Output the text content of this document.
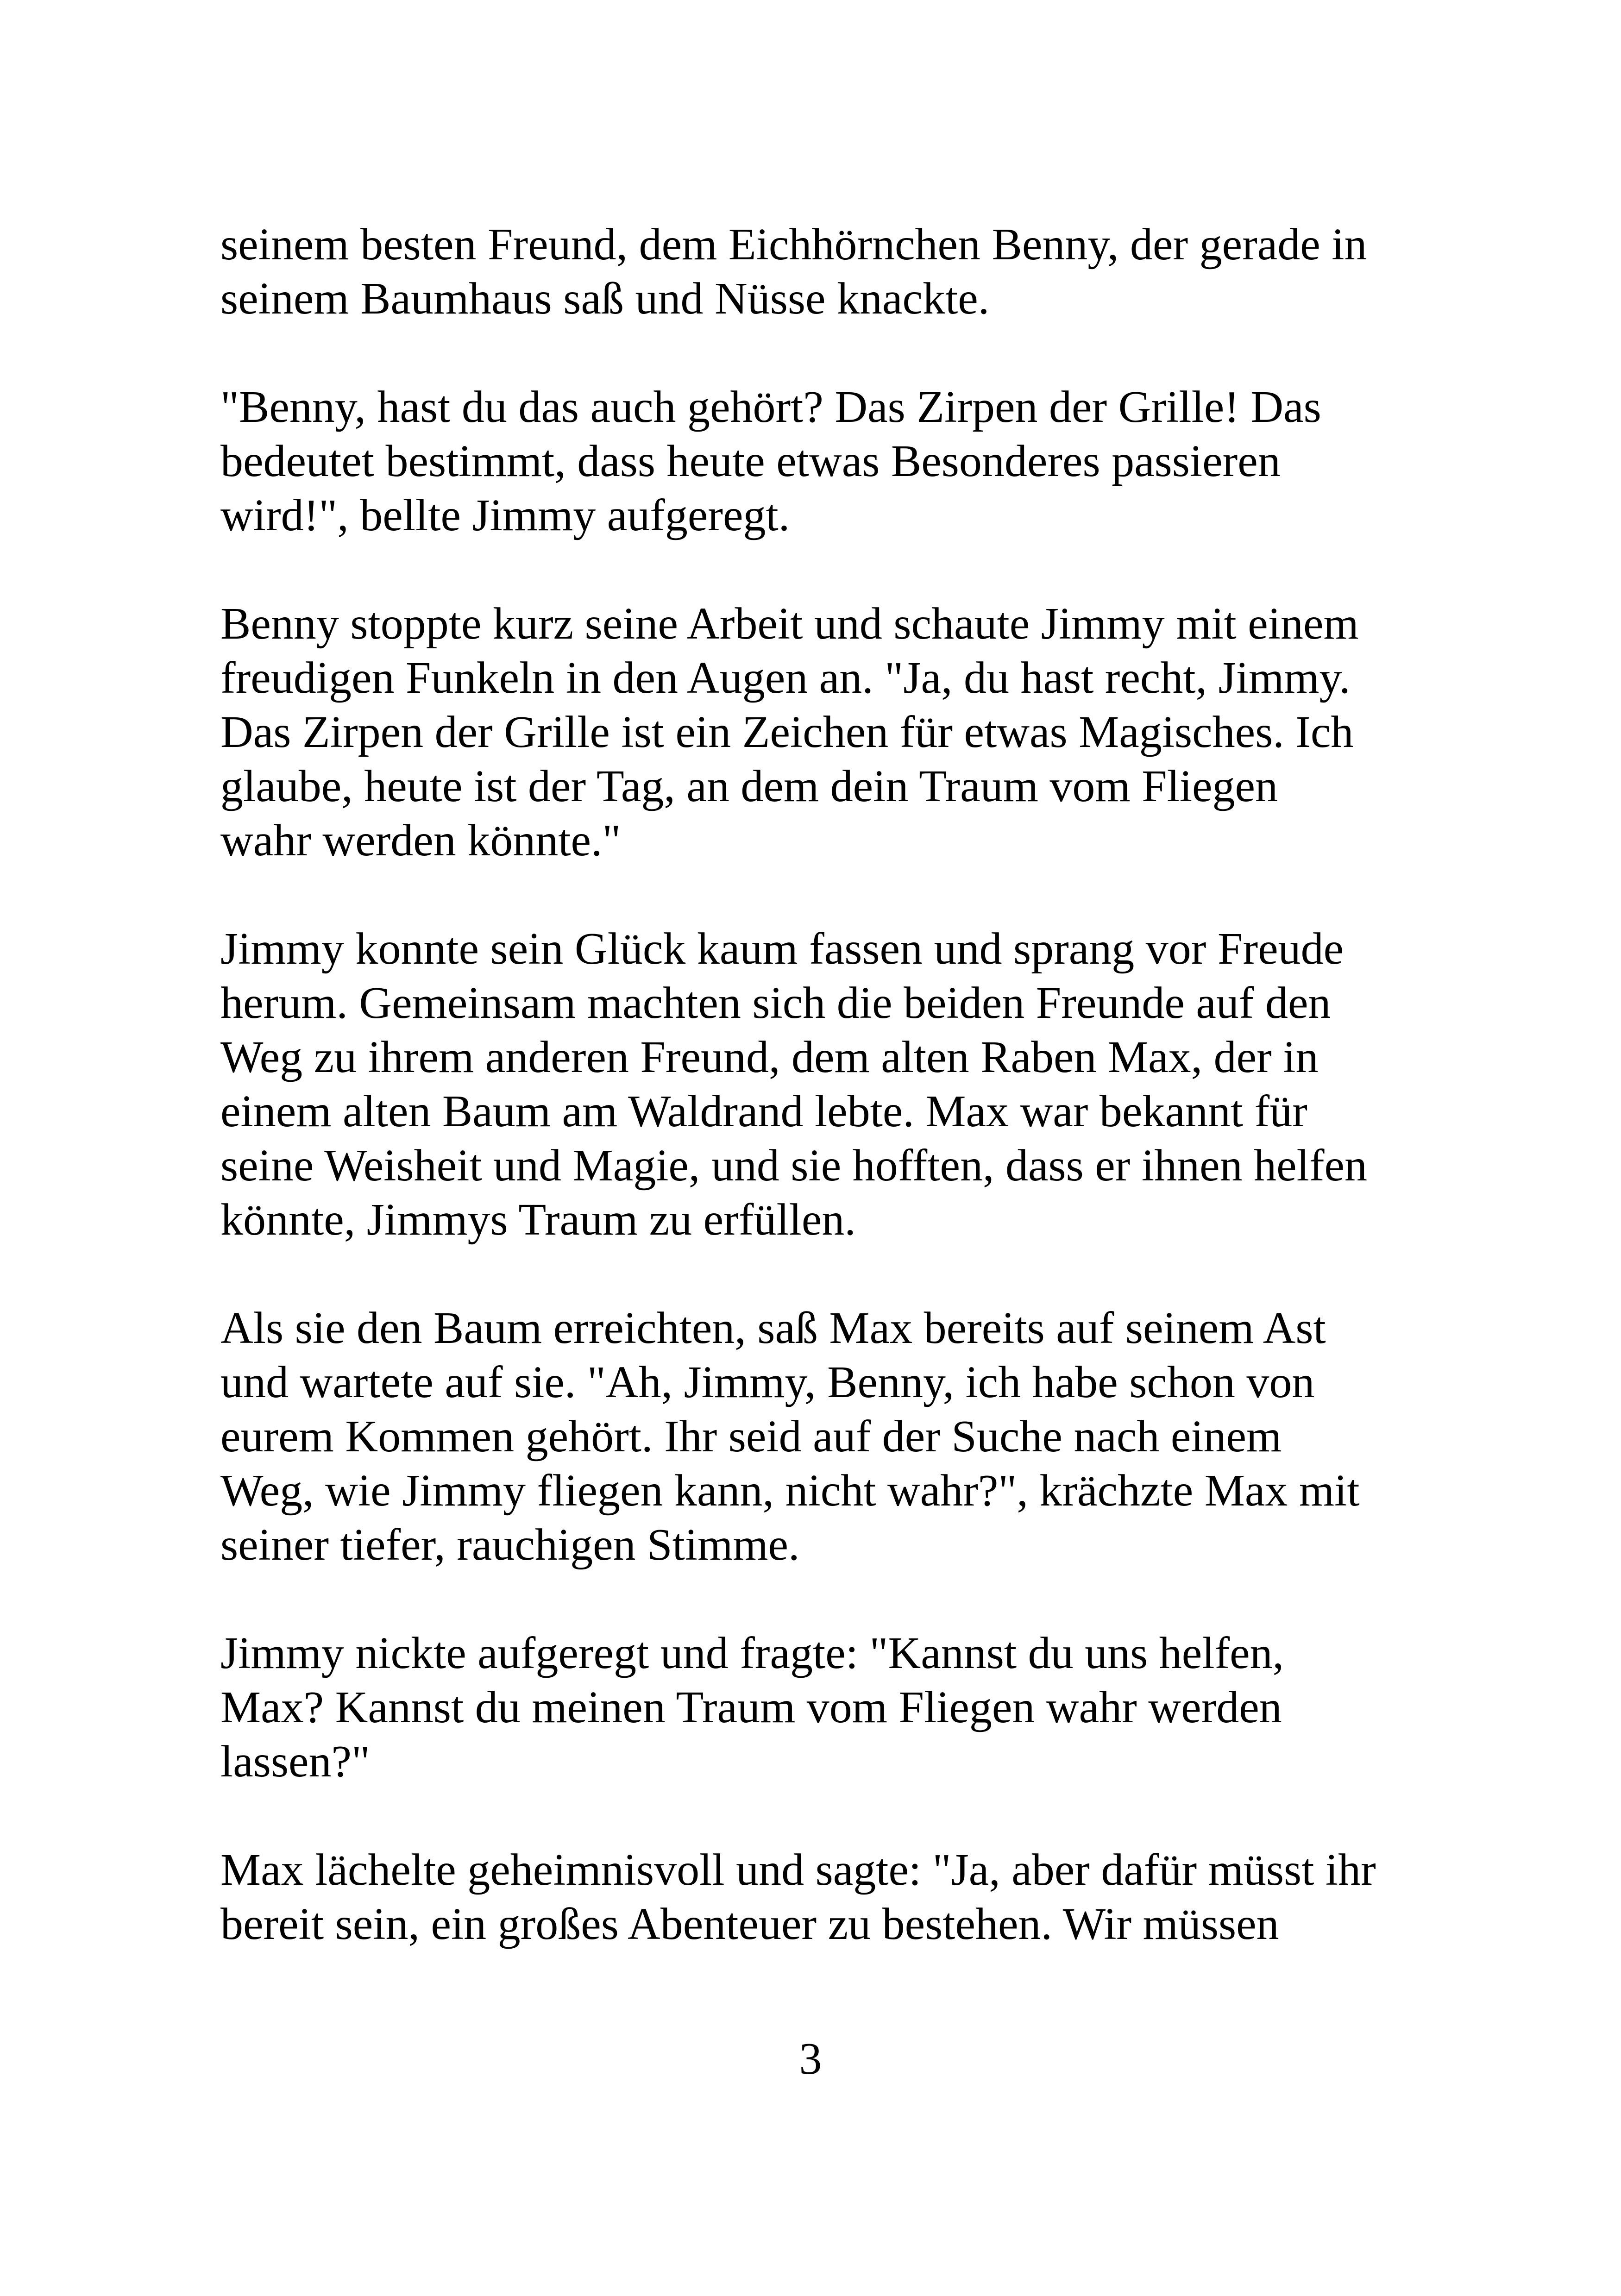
seinem besten Freund, dem Eichhörnchen Benny, der gerade in
seinem Baumhaus saß und Nüsse knackte.

"Benny, hast du das auch gehört? Das Zirpen der Grille! Das
bedeutet bestimmt, dass heute etwas Besonderes passieren
wird!", bellte Jimmy aufgeregt.

Benny stoppte kurz seine Arbeit und schaute Jimmy mit einem
freudigen Funkeln in den Augen an. "Ja, du hast recht, Jimmy.
Das Zirpen der Grille ist ein Zeichen für etwas Magisches. Ich
glaube, heute ist der Tag, an dem dein Traum vom Fliegen
wahr werden könnte."

Jimmy konnte sein Glück kaum fassen und sprang vor Freude
herum. Gemeinsam machten sich die beiden Freunde auf den
Weg zu ihrem anderen Freund, dem alten Raben Max, der in
einem alten Baum am Waldrand lebte. Max war bekannt für
seine Weisheit und Magie, und sie hofften, dass er ihnen helfen
könnte, Jimmys Traum zu erfüllen.

Als sie den Baum erreichten, saß Max bereits auf seinem Ast
und wartete auf sie. "Ah, Jimmy, Benny, ich habe schon von
eurem Kommen gehört. Ihr seid auf der Suche nach einem
Weg, wie Jimmy fliegen kann, nicht wahr?", krächzte Max mit
seiner tiefer, rauchigen Stimme.

Jimmy nickte aufgeregt und fragte: "Kannst du uns helfen,
Max? Kannst du meinen Traum vom Fliegen wahr werden
lassen?"

Max lächelte geheimnisvoll und sagte: "Ja, aber dafür müsst ihr
bereit sein, ein großes Abenteuer zu bestehen. Wir müssen

3
